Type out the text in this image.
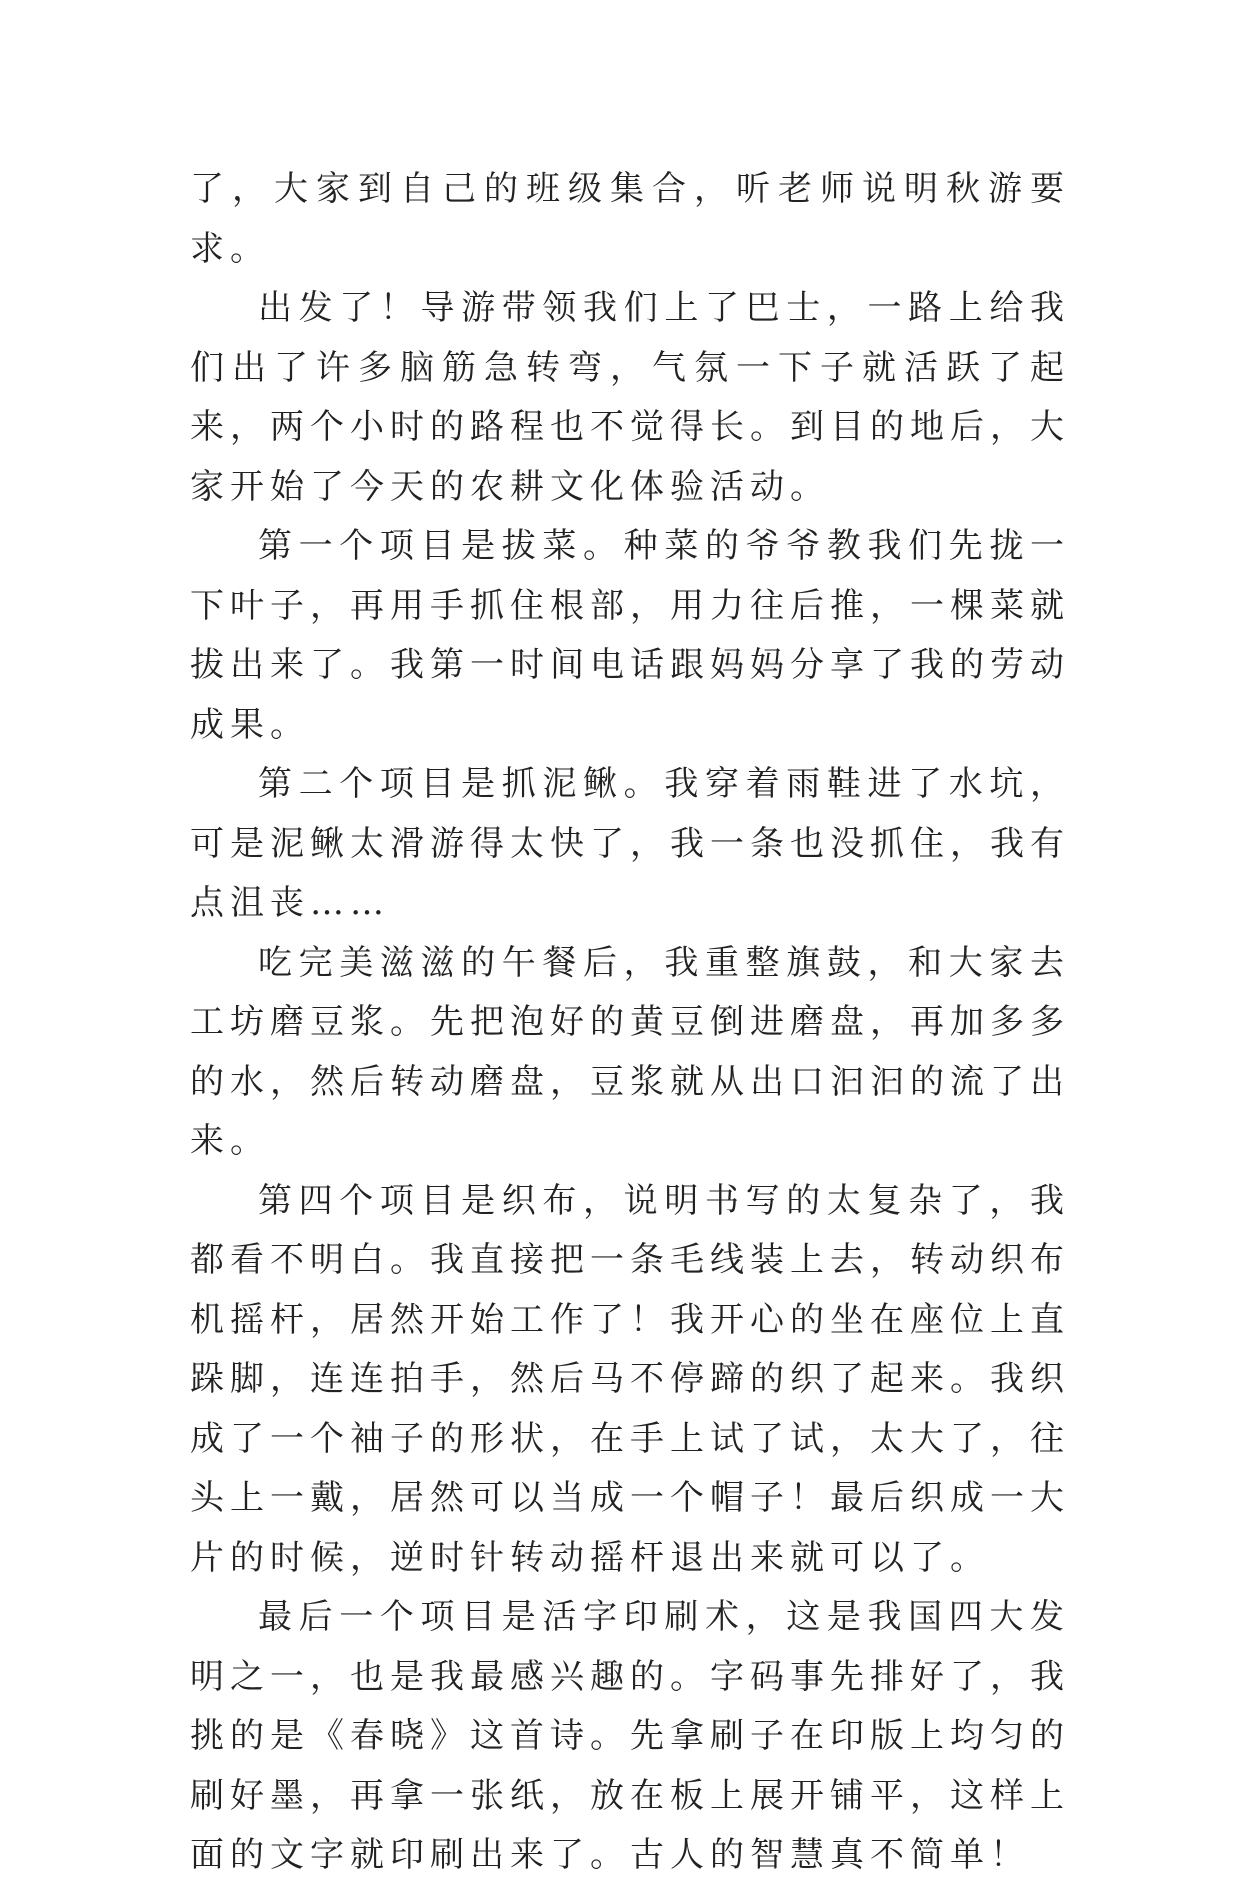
了，大家到自己的班级集合，听老师说明秋游要求。

出发了！导游带领我们上了巴士，一路上给我们出了许多脑筋急转弯，气氛一下子就活跃了起来，两个小时的路程也不觉得长。到目的地后，大家开始了今天的农耕文化体验活动。

第一个项目是拔菜。种菜的爷爷教我们先拢一下叶子，再用手抓住根部，用力往后推，一棵菜就拔出来了。我第一时间电话跟妈妈分享了我的劳动成果。

第二个项目是抓泥鳅。我穿着雨鞋进了水坑，可是泥鳅太滑游得太快了，我一条也没抓住，我有点沮丧……

吃完美滋滋的午餐后，我重整旗鼓，和大家去工坊磨豆浆。先把泡好的黄豆倒进磨盘，再加多多的水，然后转动磨盘，豆浆就从出口汩汩的流了出来。

第四个项目是织布，说明书写的太复杂了，我都看不明白。我直接把一条毛线装上去，转动织布机摇杆，居然开始工作了！我开心的坐在座位上直跺脚，连连拍手，然后马不停蹄的织了起来。我织成了一个袖子的形状，在手上试了试，太大了，往头上一戴，居然可以当成一个帽子！最后织成一大片的时候，逆时针转动摇杆退出来就可以了。

最后一个项目是活字印刷术，这是我国四大发明之一，也是我最感兴趣的。字码事先排好了，我挑的是《春晓》这首诗。先拿刷子在印版上均匀的刷好墨，再拿一张纸，放在板上展开铺平，这样上面的文字就印刷出来了。古人的智慧真不简单！
